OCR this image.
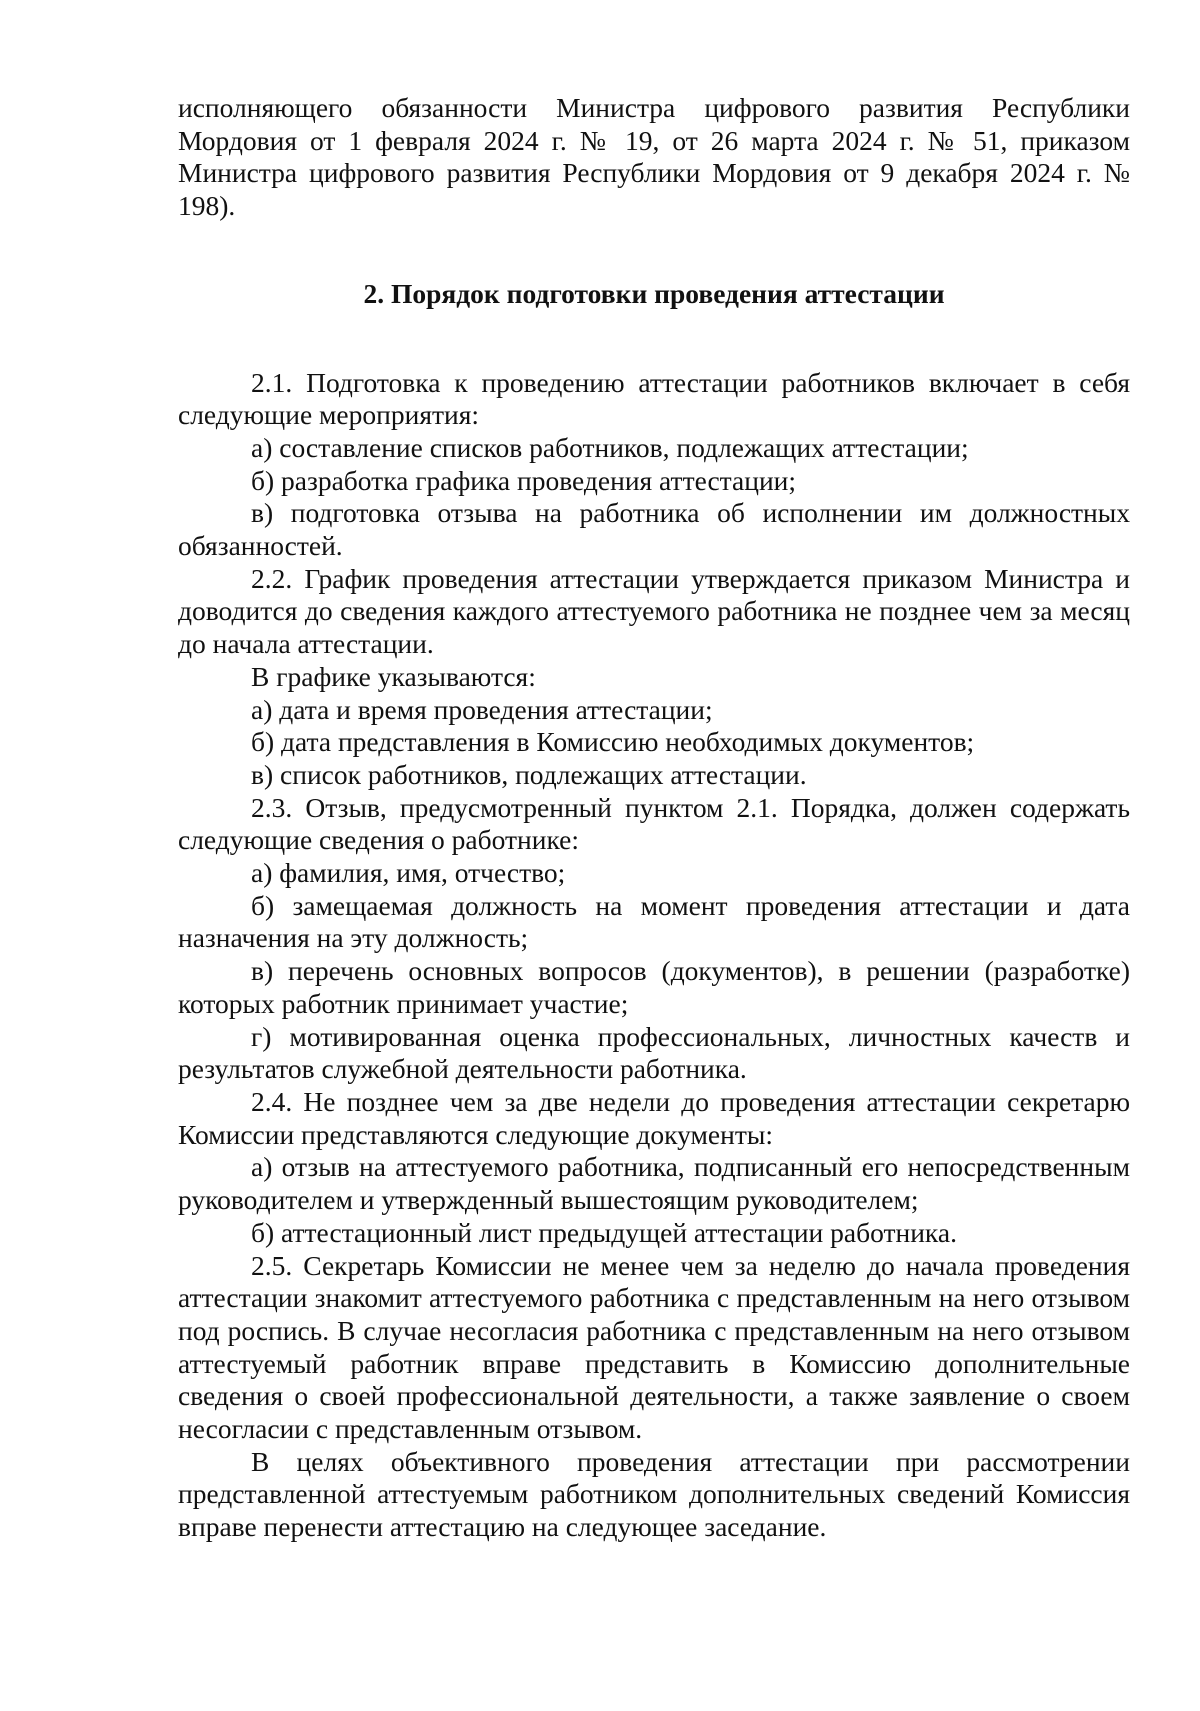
исполняющего обязанности Министра цифрового развития Республики Мордовия от 1 февраля 2024 г. № 19, от 26 марта 2024 г. № 51, приказом Министра цифрового развития Республики Мордовия от 9 декабря 2024 г. № 198).

2. Порядок подготовки проведения аттестации

2.1. Подготовка к проведению аттестации работников включает в себя следующие мероприятия:

а) составление списков работников, подлежащих аттестации;

б) разработка графика проведения аттестации;

в) подготовка отзыва на работника об исполнении им должностных обязанностей.

2.2. График проведения аттестации утверждается приказом Министра и доводится до сведения каждого аттестуемого работника не позднее чем за месяц до начала аттестации.

В графике указываются:

а) дата и время проведения аттестации;

б) дата представления в Комиссию необходимых документов;

в) список работников, подлежащих аттестации.

2.3. Отзыв, предусмотренный пунктом 2.1. Порядка, должен содержать следующие сведения о работнике:

а) фамилия, имя, отчество;

б) замещаемая должность на момент проведения аттестации и дата назначения на эту должность;

в) перечень основных вопросов (документов), в решении (разработке) которых работник принимает участие;

г) мотивированная оценка профессиональных, личностных качеств и результатов служебной деятельности работника.

2.4. Не позднее чем за две недели до проведения аттестации секретарю Комиссии представляются следующие документы:

а) отзыв на аттестуемого работника, подписанный его непосредственным руководителем и утвержденный вышестоящим руководителем;

б) аттестационный лист предыдущей аттестации работника.

2.5. Секретарь Комиссии не менее чем за неделю до начала проведения аттестации знакомит аттестуемого работника с представленным на него отзывом под роспись. В случае несогласия работника с представленным на него отзывом аттестуемый работник вправе представить в Комиссию дополнительные сведения о своей профессиональной деятельности, а также заявление о своем несогласии с представленным отзывом.

В целях объективного проведения аттестации при рассмотрении представленной аттестуемым работником дополнительных сведений Комиссия вправе перенести аттестацию на следующее заседание.
